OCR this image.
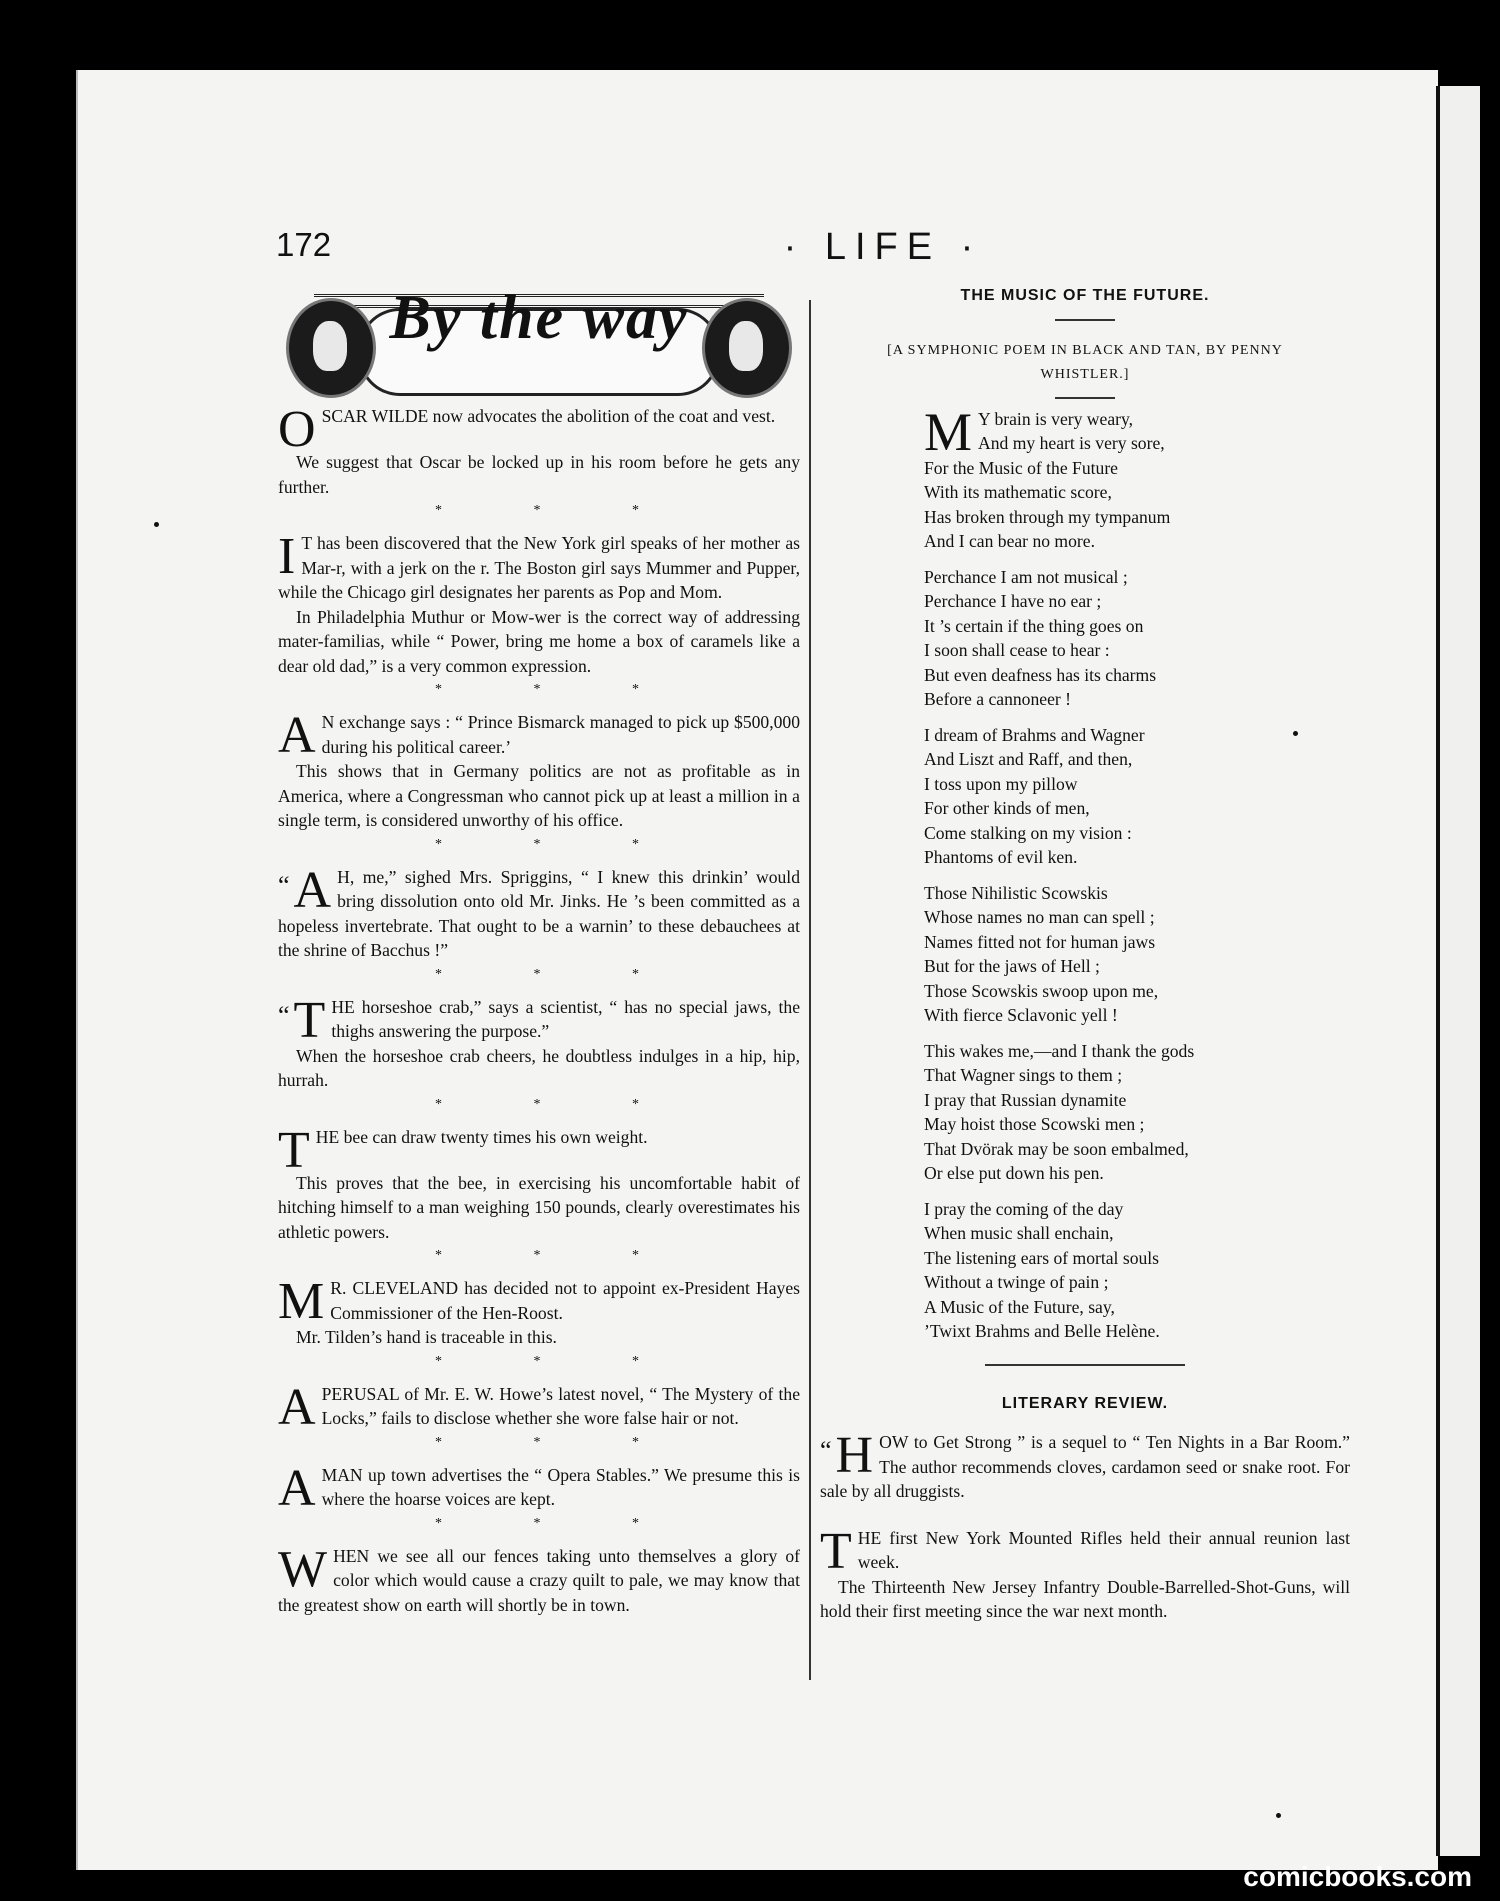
172	· LIFE ·
By the way

OSCAR WILDE now advocates the abolition of the coat and vest.

We suggest that Oscar be locked up in his room before he gets any further.

* * *

I T has been discovered that the New York girl speaks of her mother as Mar-r, with a jerk on the r. The Boston girl says Mummer and Pupper, while the Chicago girl designates her parents as Pop and Mom.

In Philadelphia Muthur or Mow-wer is the correct way of addressing mater-familias, while “ Power, bring me home a box of caramels like a dear old dad,” is a very common expression.

* * *

A N exchange says : “ Prince Bismarck managed to pick up $500,000 during his political career.’

This shows that in Germany politics are not as profitable as in America, where a Congressman who cannot pick up at least a million in a single term, is considered unworthy of his office.

* * *

“ A H, me,” sighed Mrs. Spriggins, “ I knew this drinkin’ would bring dissolution onto old Mr. Jinks. He ’s been committed as a hopeless invertebrate. That ought to be a warnin’ to these debauchees at the shrine of Bacchus !”

* * *

“ T HE horseshoe crab,” says a scientist, “ has no special jaws, the thighs answering the purpose.”

When the horseshoe crab cheers, he doubtless indulges in a hip, hip, hurrah.

* * *

THE bee can draw twenty times his own weight.

This proves that the bee, in exercising his uncomfortable habit of hitching himself to a man weighing 150 pounds, clearly overestimates his athletic powers.

* * *

M R. CLEVELAND has decided not to appoint ex-President Hayes Commissioner of the Hen-Roost.

Mr. Tilden’s hand is traceable in this.

* * *

APERUSAL of Mr. E. W. Howe’s latest novel, “ The Mystery of the Locks,” fails to disclose whether she wore false hair or not.

* * *

AMAN up town advertises the “ Opera Stables.” We presume this is where the hoarse voices are kept.

* * *

WHEN we see all our fences taking unto themselves a glory of color which would cause a crazy quilt to pale, we may know that the greatest show on earth will shortly be in town.

THE MUSIC OF THE FUTURE.
[A SYMPHONIC POEM IN BLACK AND TAN, BY PENNY
WHISTLER.]
M Y brain is very weary,
And my heart is very sore,
For the Music of the Future
With its mathematic score,
Has broken through my tympanum
And I can bear no more.
Perchance I am not musical ;
Perchance I have no ear ;
It ’s certain if the thing goes on
I soon shall cease to hear :
But even deafness has its charms
Before a cannoneer !
I dream of Brahms and Wagner
And Liszt and Raff, and then,
I toss upon my pillow
For other kinds of men,
Come stalking on my vision :
Phantoms of evil ken.
Those Nihilistic Scowskis
Whose names no man can spell ;
Names fitted not for human jaws
But for the jaws of Hell ;
Those Scowskis swoop upon me,
With fierce Sclavonic yell !
This wakes me,—and I thank the gods
That Wagner sings to them ;
I pray that Russian dynamite
May hoist those Scowski men ;
That Dvörak may be soon embalmed,
Or else put down his pen.
I pray the coming of the day
When music shall enchain,
The listening ears of mortal souls
Without a twinge of pain ;
A Music of the Future, say,
’Twixt Brahms and Belle Helène.
LITERARY REVIEW.

“ H OW to Get Strong ” is a sequel to “ Ten Nights in a Bar Room.” The author recommends cloves, cardamon seed or snake root. For sale by all druggists.

THE first New York Mounted Rifles held their annual reunion last week.

The Thirteenth New Jersey Infantry Double-Barrelled-Shot-Guns, will hold their first meeting since the war next month.

comicbooks.com
